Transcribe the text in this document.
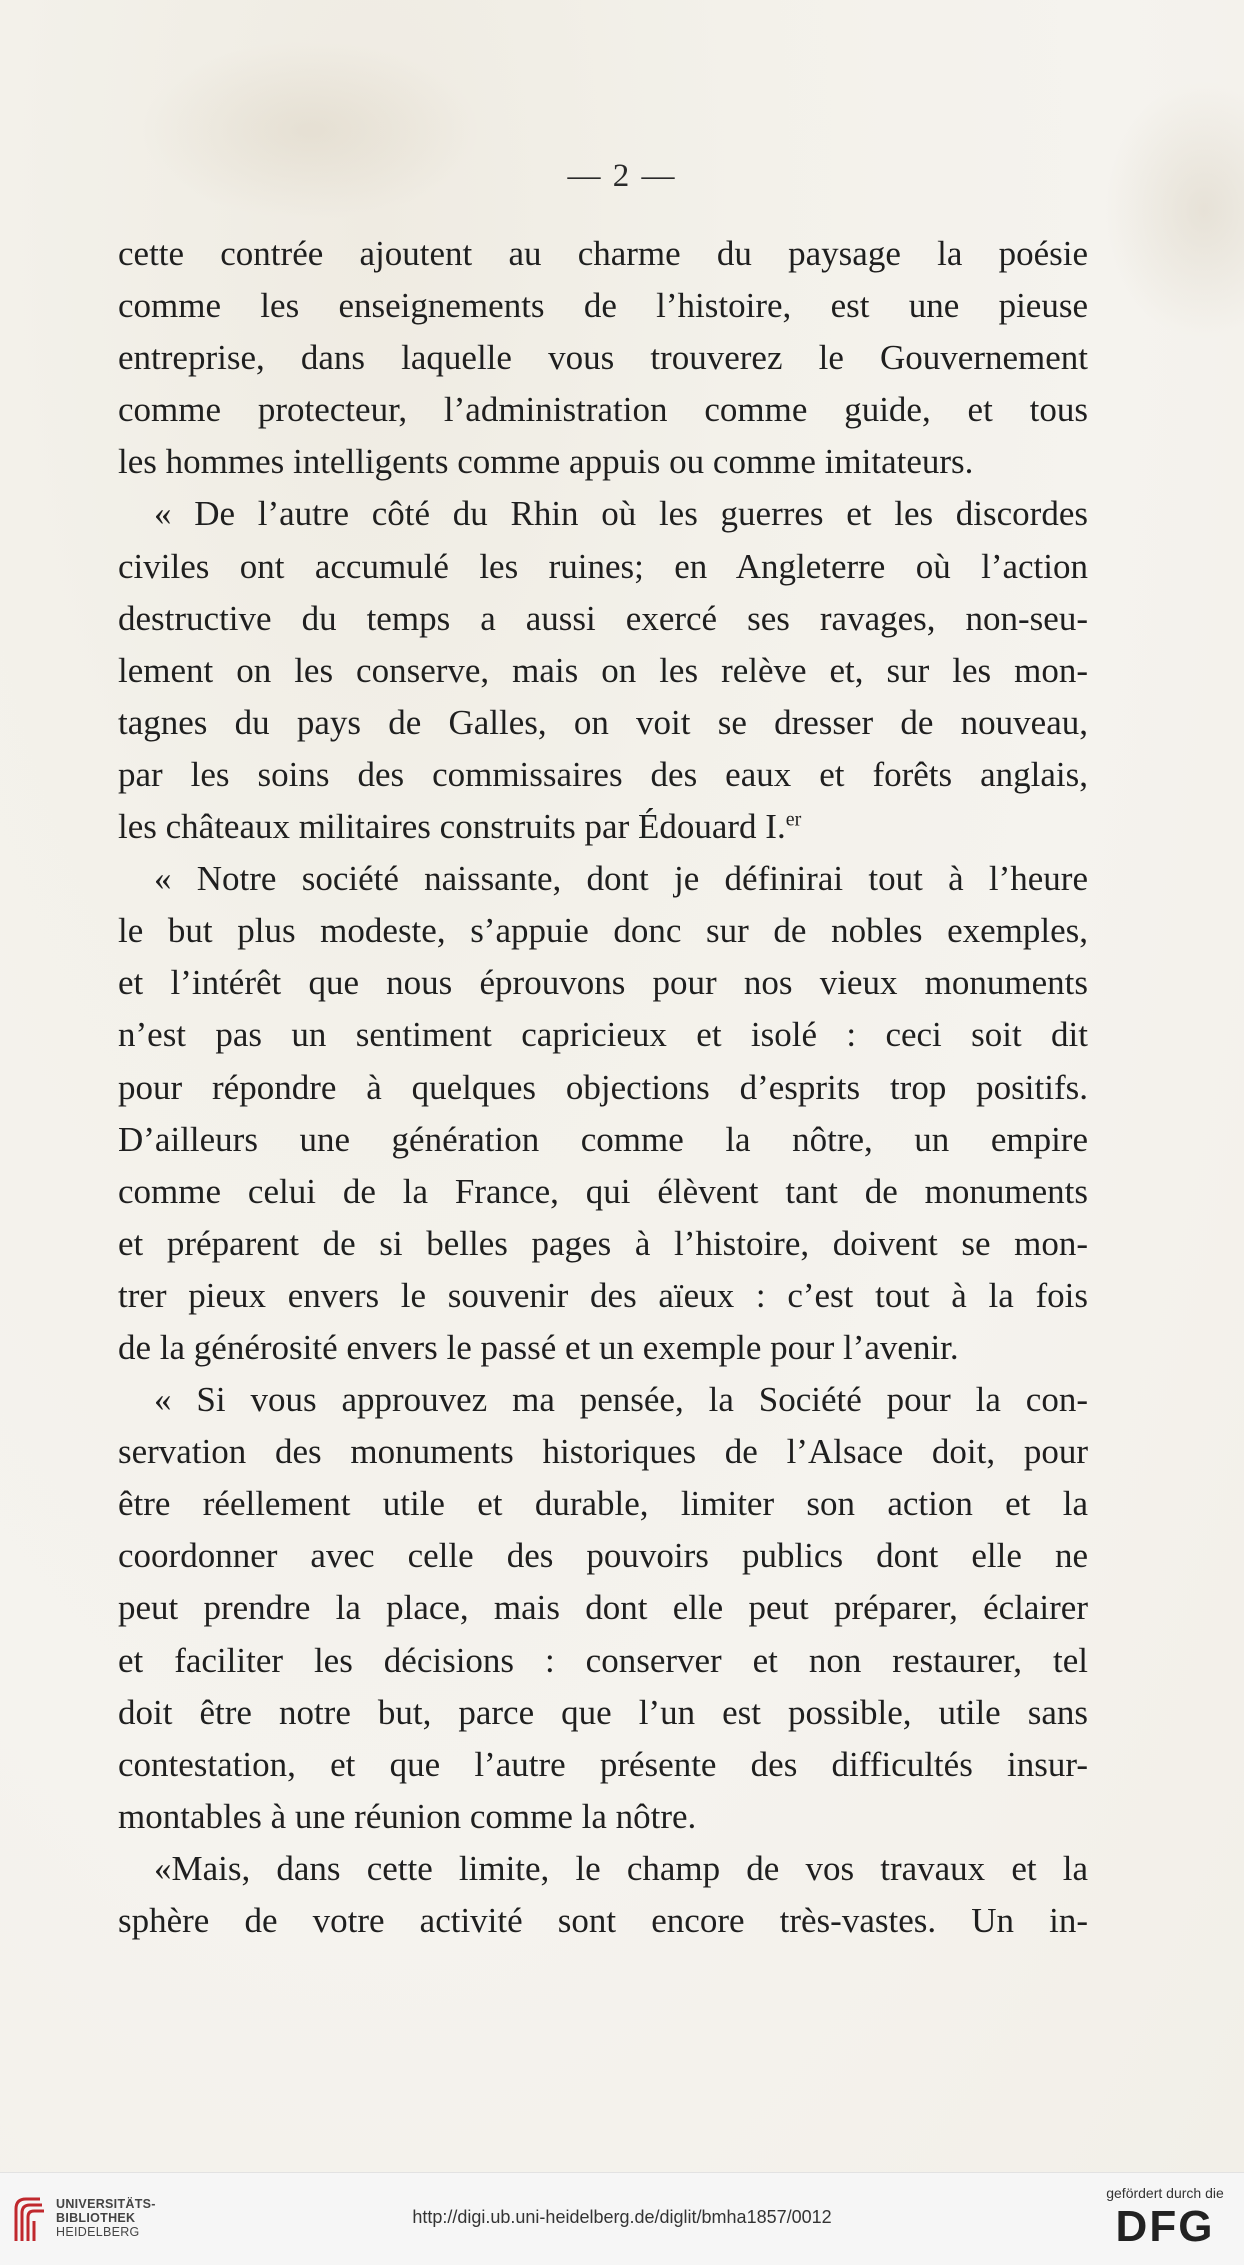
— 2 —
cette contrée ajoutent au charme du paysage la poésie
comme les enseignements de l’histoire, est une pieuse
entreprise, dans laquelle vous trouverez le Gouvernement
comme protecteur, l’administration comme guide, et tous
les hommes intelligents comme appuis ou comme imitateurs.
« De l’autre côté du Rhin où les guerres et les discordes
civiles ont accumulé les ruines; en Angleterre où l’action
destructive du temps a aussi exercé ses ravages, non-seu-
lement on les conserve, mais on les relève et, sur les mon-
tagnes du pays de Galles, on voit se dresser de nouveau,
par les soins des commissaires des eaux et forêts anglais,
les châteaux militaires construits par Édouard I.$^{er}$
« Notre société naissante, dont je définirai tout à l’heure
le but plus modeste, s’appuie donc sur de nobles exemples,
et l’intérêt que nous éprouvons pour nos vieux monuments
n’est pas un sentiment capricieux et isolé : ceci soit dit
pour répondre à quelques objections d’esprits trop positifs.
D’ailleurs une génération comme la nôtre, un empire
comme celui de la France, qui élèvent tant de monuments
et préparent de si belles pages à l’histoire, doivent se mon-
trer pieux envers le souvenir des aïeux : c’est tout à la fois
de la générosité envers le passé et un exemple pour l’avenir.
« Si vous approuvez ma pensée, la Société pour la con-
servation des monuments historiques de l’Alsace doit, pour
être réellement utile et durable, limiter son action et la
coordonner avec celle des pouvoirs publics dont elle ne
peut prendre la place, mais dont elle peut préparer, éclairer
et faciliter les décisions : conserver et non restaurer, tel
doit être notre but, parce que l’un est possible, utile sans
contestation, et que l’autre présente des difficultés insur-
montables à une réunion comme la nôtre.
«Mais, dans cette limite, le champ de vos travaux et la
sphère de votre activité sont encore très-vastes. Un in-
UNIVERSITÄTS-
BIBLIOTHEK
HEIDELBERG
http://digi.ub.uni-heidelberg.de/diglit/bmha1857/0012
gefördert durch die
DFG
